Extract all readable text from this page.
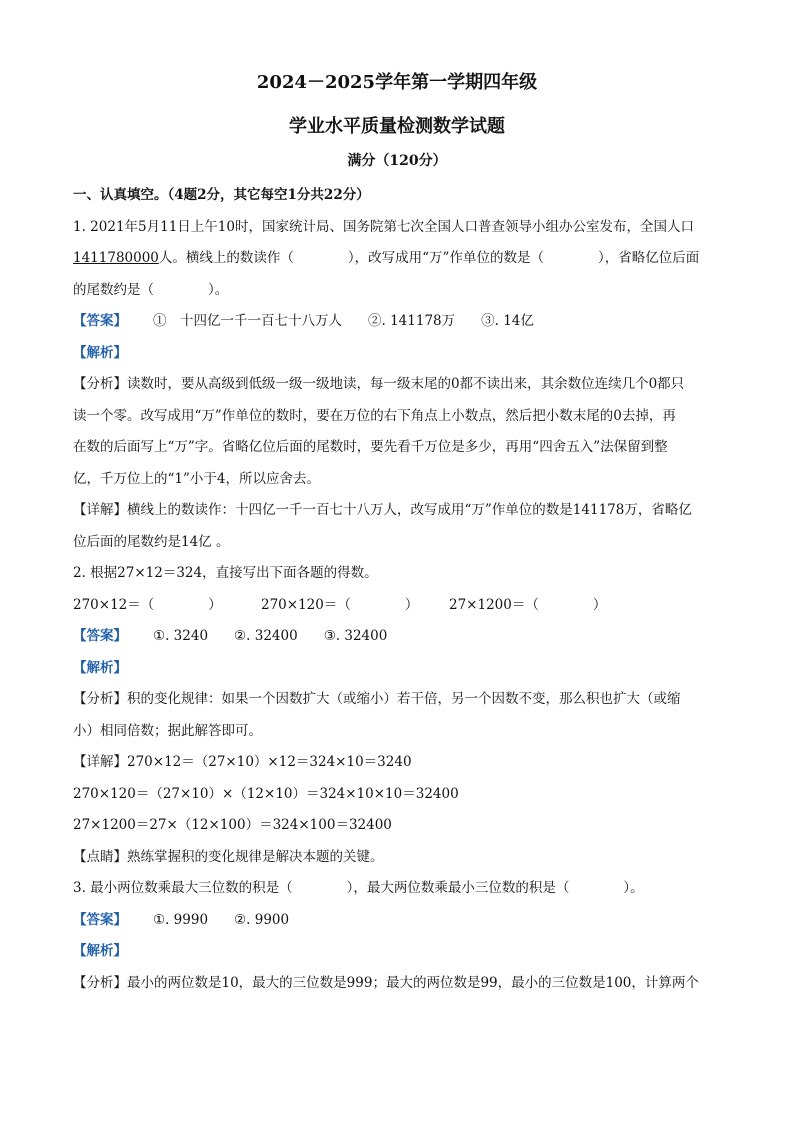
2024－2025学年第一学期四年级
学业水平质量检测数学试题
满分（120分）
一、认真填空。（4题2分，其它每空1分共22分）
1. 2021年5月11日上午10时，国家统计局、国务院第七次全国人口普查领导小组办公室发布，全国人口
1411780000人。横线上的数读作（　　　　），改写成用“万”作单位的数是（　　　　），省略亿位后面
的尾数约是（　　　　）。
【答案】 ①　十四亿一千一百七十八万人 ②. 141178万 ③. 14亿
【解析】
【分析】读数时，要从高级到低级一级一级地读，每一级末尾的0都不读出来，其余数位连续几个0都只
读一个零。改写成用“万”作单位的数时，要在万位的右下角点上小数点，然后把小数末尾的0去掉，再
在数的后面写上“万”字。省略亿位后面的尾数时，要先看千万位是多少，再用“四舍五入”法保留到整
亿，千万位上的“1”小于4，所以应舍去。
【详解】横线上的数读作：十四亿一千一百七十八万人，改写成用“万”作单位的数是141178万，省略亿
位后面的尾数约是14亿 。
2. 根据27×12＝324，直接写出下面各题的得数。
270×12＝（　　　　）	270×120＝（　　　　） 27×1200＝（　　　　）
【答案】 ①. 3240 ②. 32400 ③. 32400
【解析】
【分析】积的变化规律：如果一个因数扩大（或缩小）若干倍，另一个因数不变，那么积也扩大（或缩
小）相同倍数；据此解答即可。
【详解】270×12＝（27×10）×12＝324×10＝3240
270×120＝（27×10）×（12×10）＝324×10×10＝32400
27×1200＝27×（12×100）＝324×100＝32400
【点睛】熟练掌握积的变化规律是解决本题的关键。
3. 最小两位数乘最大三位数的积是（　　　　），最大两位数乘最小三位数的积是（　　　　）。
【答案】 ①. 9990 ②. 9900
【解析】
【分析】最小的两位数是10，最大的三位数是999；最大的两位数是99，最小的三位数是100，计算两个
